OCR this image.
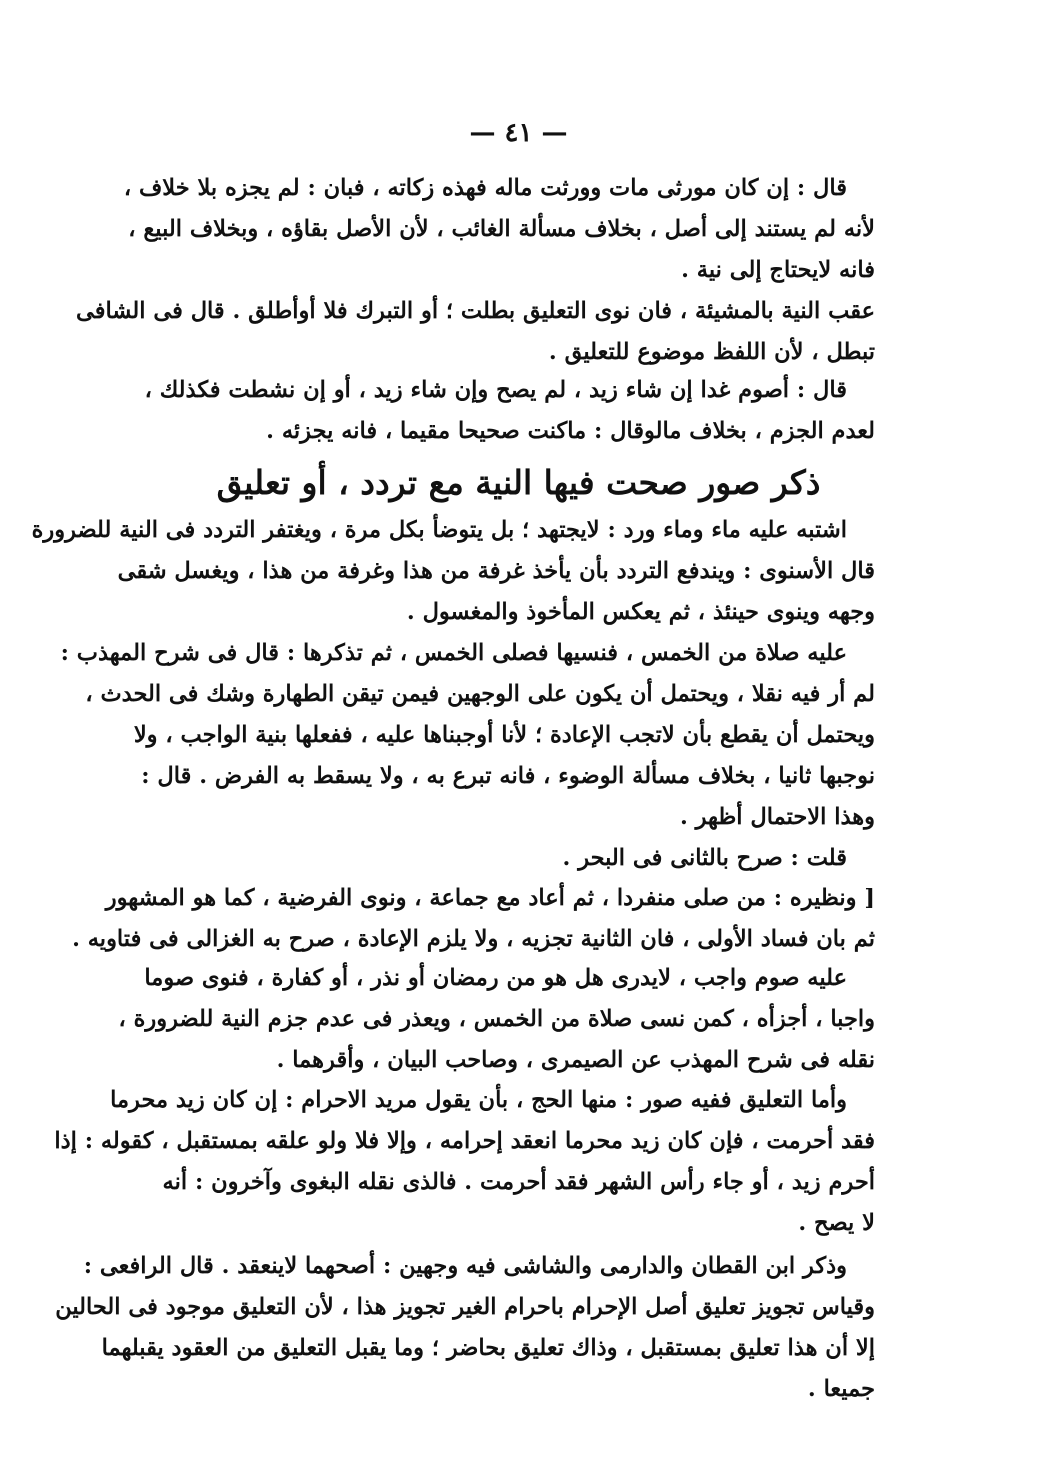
— ٤١ —
قال : إن كان مورثى مات وورثت ماله فهذه زكاته ، فبان : لم يجزه بلا خلاف ،
لأنه لم يستند إلى أصل ، بخلاف مسألة الغائب ، لأن الأصل بقاؤه ، وبخلاف البيع ،
فانه لايحتاج إلى نية .
عقب النية بالمشيئة ، فان نوى التعليق بطلت ؛ أو التبرك فلا أوأطلق . قال فى الشافى
تبطل ، لأن اللفظ موضوع للتعليق .
قال : أصوم غدا إن شاء زيد ، لم يصح وإن شاء زيد ، أو إن نشطت فكذلك ،
لعدم الجزم ، بخلاف مالوقال : ماكنت صحيحا مقيما ، فانه يجزئه .
ذكر صور صحت فيها النية مع تردد ، أو تعليق
اشتبه عليه ماء وماء ورد : لايجتهد ؛ بل يتوضأ بكل مرة ، ويغتفر التردد فى النية للضرورة
قال الأسنوى : ويندفع التردد بأن يأخذ غرفة من هذا وغرفة من هذا ، ويغسل شقى
وجهه وينوى حينئذ ، ثم يعكس المأخوذ والمغسول .
عليه صلاة من الخمس ، فنسيها فصلى الخمس ، ثم تذكرها : قال فى شرح المهذب :
لم أر فيه نقلا ، ويحتمل أن يكون على الوجهين فيمن تيقن الطهارة وشك فى الحدث ،
ويحتمل أن يقطع بأن لاتجب الإعادة ؛ لأنا أوجبناها عليه ، ففعلها بنية الواجب ، ولا
نوجبها ثانيا ، بخلاف مسألة الوضوء ، فانه تبرع به ، ولا يسقط به الفرض . قال :
وهذا الاحتمال أظهر .
قلت : صرح بالثانى فى البحر .
[ ونظيره : من صلى منفردا ، ثم أعاد مع جماعة ، ونوى الفرضية ، كما هو المشهور
ثم بان فساد الأولى ، فان الثانية تجزيه ، ولا يلزم الإعادة ، صرح به الغزالى فى فتاويه .
عليه صوم واجب ، لايدرى هل هو من رمضان أو نذر ، أو كفارة ، فنوى صوما
واجبا ، أجزأه ، كمن نسى صلاة من الخمس ، ويعذر فى عدم جزم النية للضرورة ،
نقله فى شرح المهذب عن الصيمرى ، وصاحب البيان ، وأقرهما .
وأما التعليق ففيه صور : منها الحج ، بأن يقول مريد الاحرام : إن كان زيد محرما
فقد أحرمت ، فإن كان زيد محرما انعقد إحرامه ، وإلا فلا ولو علقه بمستقبل ، كقوله : إذا
أحرم زيد ، أو جاء رأس الشهر فقد أحرمت . فالذى نقله البغوى وآخرون : أنه
لا يصح .
وذكر ابن القطان والدارمى والشاشى فيه وجهين : أصحهما لاينعقد . قال الرافعى :
وقياس تجويز تعليق أصل الإحرام باحرام الغير تجويز هذا ، لأن التعليق موجود فى الحالين
إلا أن هذا تعليق بمستقبل ، وذاك تعليق بحاضر ؛ وما يقبل التعليق من العقود يقبلهما
جميعا .
